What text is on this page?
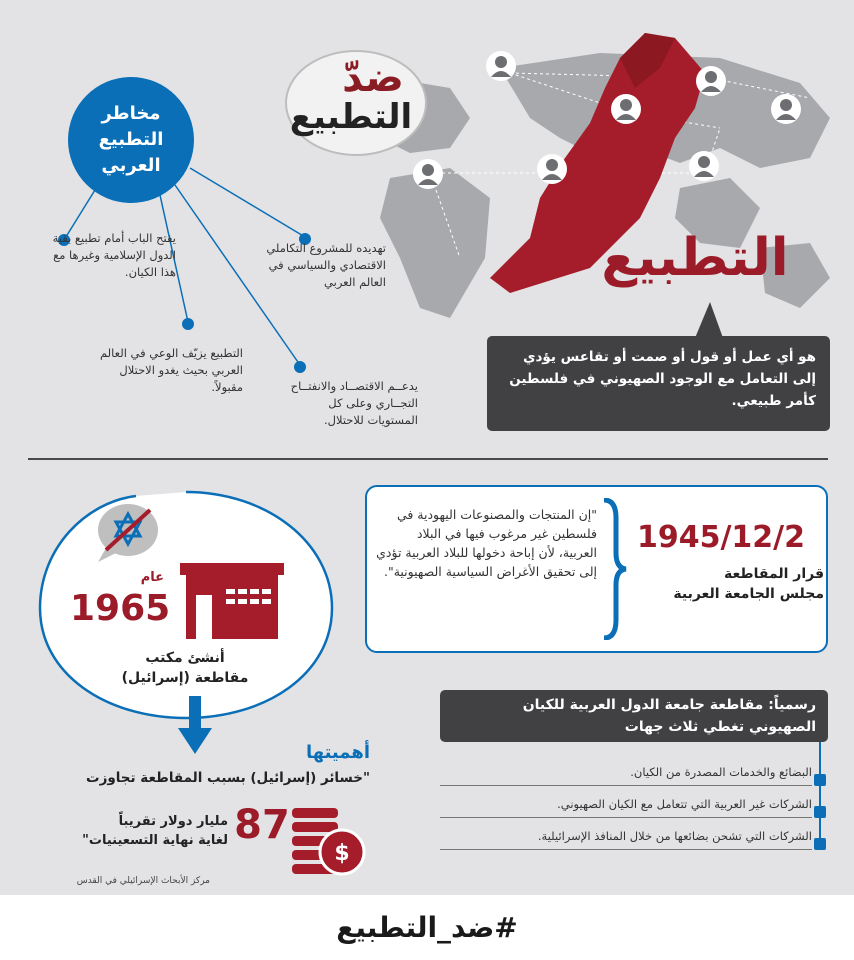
ضدّ
التطبيع
التطبيع
هو أي عمل أو قول أو صمت أو تقاعس يؤدي إلى التعامل مع الوجود الصهيوني في فلسطين كأمر طبيعي.
مخاطر
التطبيع
العربي
يفتح الباب أمام تطبيع بقية الدول الإسلامية وغيرها مع هذا الكيان.
تهديده للمشروع التكاملي الاقتصادي والسياسي في العالم العربي
التطبيع يزيّف الوعي في العالم العربي بحيث يغدو الاحتلال مقبولاً.	يدعــم الاقتصــاد والانفتــاح التجــاري وعلى كل المستويات للاحتلال.
"إن المنتجات والمصنوعات اليهودية في فلسطين غير مرغوب فيها في البلاد العربية، لأن إباحة دخولها للبلاد العربية تؤدي إلى تحقيق الأغراض السياسية الصهيونية".
1945/12/2
قرار المقاطعة
مجلس الجامعة العربية
عام
1965
أنشئ مكتب
مقاطعة (إسرائيل)
أهميتها
"خسائر (إسرائيل) بسبب المقاطعة تجاوزت
87
مليار دولار تقريباً
لغاية نهاية التسعينيات"
$
مركز الأبحاث الإسرائيلي في القدس
رسمياً: مقاطعة جامعة الدول العربية للكيان الصهيوني تغطي ثلاث جهات
البضائع والخدمات المصدرة من الكيان.
الشركات غير العربية التي تتعامل مع الكيان الصهيوني.
الشركات التي تشحن بضائعها من خلال المنافذ الإسرائيلية.
#ضد_التطبيع
